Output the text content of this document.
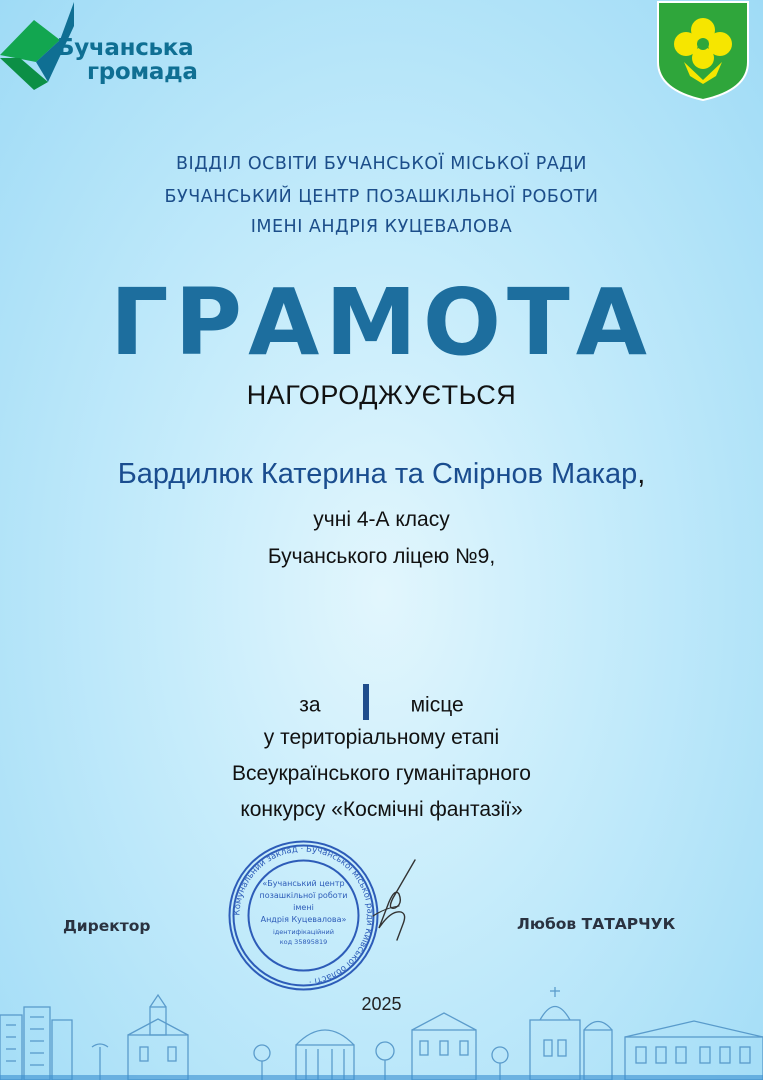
Бучанська
громада
ВІДДІЛ ОСВІТИ БУЧАНСЬКОЇ МІСЬКОЇ РАДИ
БУЧАНСЬКИЙ ЦЕНТР ПОЗАШКІЛЬНОЇ РОБОТИ
ІМЕНІ АНДРІЯ КУЦЕВАЛОВА
ГРАМОТА
НАГОРОДЖУЄТЬСЯ
Бардилюк Катерина та Смірнов Макар,
учні 4-А класу
Бучанського ліцею №9,
за	місце
у територіальному етапі
Всеукраїнського гуманітарного
конкурсу «Космічні фантазії»
Комунальний заклад · Бучанської міської ради Київської області ·
«Бучанський центр
позашкільної роботи
імені
Андрія Куцевалова»
ідентифікаційний
код 35895819
Директор	Любов ТАТАРЧУК
2025
